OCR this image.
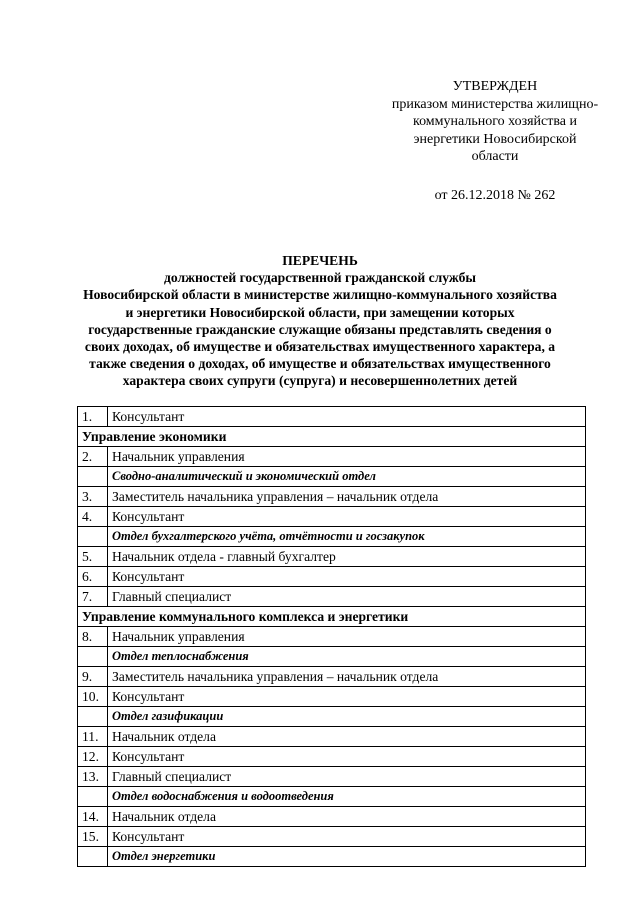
УТВЕРЖДЕН
приказом министерства жилищно-
коммунального хозяйства и
энергетики Новосибирской
области
от 26.12.2018 № 262
ПЕРЕЧЕНЬ
должностей государственной гражданской службы
Новосибирской области в министерстве жилищно-коммунального хозяйства
и энергетики Новосибирской области, при замещении которых
государственные гражданские служащие обязаны представлять сведения о
своих доходах, об имуществе и обязательствах имущественного характера, а
также сведения о доходах, об имуществе и обязательствах имущественного
характера своих супруги (супруга) и несовершеннолетних детей
1.	Консультант
Управление экономики	
2.	Начальник управления
	Сводно-аналитический и экономический отдел
3.	Заместитель начальника управления – начальник отдела
4.	Консультант
	Отдел бухгалтерского учёта, отчётности и госзакупок
5.	Начальник отдела - главный бухгалтер
6.	Консультант
7.	Главный специалист
Управление коммунального комплекса и энергетики	
8.	Начальник управления
	Отдел теплоснабжения
9.	Заместитель начальника управления – начальник отдела
10.	Консультант
	Отдел газификации
11.	Начальник отдела
12.	Консультант
13.	Главный специалист
	Отдел водоснабжения и водоотведения
14.	Начальник отдела
15.	Консультант
	Отдел энергетики
